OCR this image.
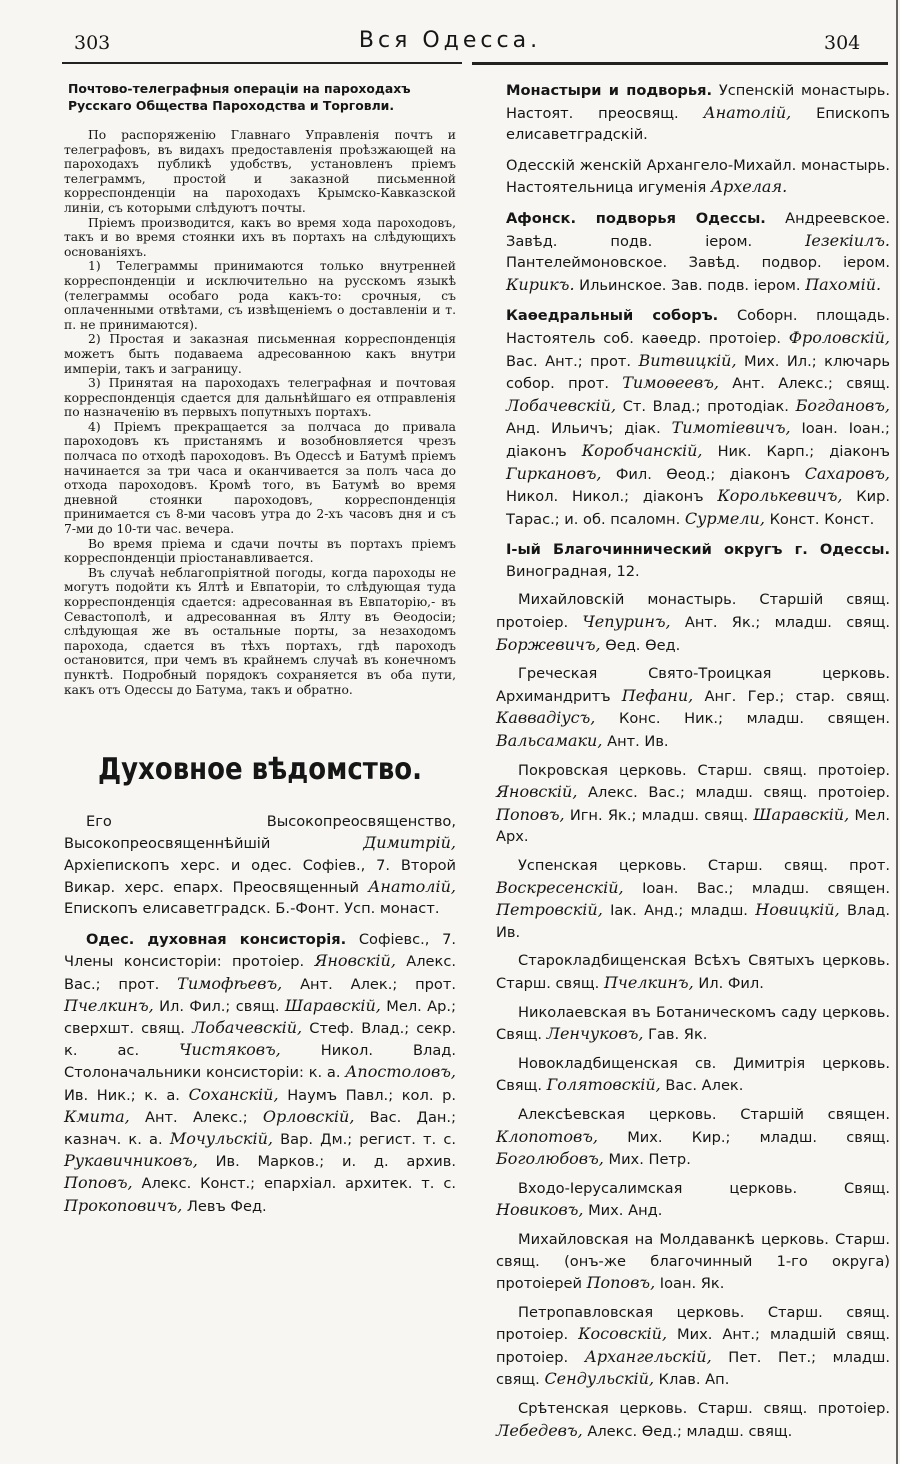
303	Вся Одесса.	304
Почтово-телеграфныя операціи на пароходахъ Русскаго Общества Пароходства и Торговли.

По распоряженію Главнаго Управленія почтъ и телеграфовъ, въ видахъ предоставленія проѣзжающей на пароходахъ публикѣ удобствъ, установленъ пріемъ телеграммъ, простой и заказной письменной корреспонденціи на пароходахъ Крымско-Кавказской линіи, съ которыми слѣдуютъ почты.

Пріемъ производится, какъ во время хода пароходовъ, такъ и во время стоянки ихъ въ портахъ на слѣдующихъ основаніяхъ.

1) Телеграммы принимаются только внутренней корреспонденціи и исключительно на русскомъ языкѣ (телеграммы особаго рода какъ-то: срочныя, съ оплаченными отвѣтами, съ извѣщеніемъ о доставленіи и т. п. не принимаются).

2) Простая и заказная письменная корреспонденція можетъ быть подаваема адресованною какъ внутри имперіи, такъ и заграницу.

3) Принятая на пароходахъ телеграфная и почтовая корреспонденція сдается для дальнѣйшаго ея отправленія по назначенію въ первыхъ попутныхъ портахъ.

4) Пріемъ прекращается за полчаса до привала пароходовъ къ пристанямъ и возобновляется чрезъ полчаса по отходѣ пароходовъ. Въ Одессѣ и Батумѣ пріемъ начинается за три часа и оканчивается за полъ часа до отхода пароходовъ. Кромѣ того, въ Батумѣ во время дневной стоянки пароходовъ, корреспонденція принимается съ 8-ми часовъ утра до 2-хъ часовъ дня и съ 7-ми до 10-ти час. вечера.

Во время пріема и сдачи почты въ портахъ пріемъ корреспонденціи пріостанавливается.

Въ случаѣ неблагопріятной погоды, когда пароходы не могутъ подойти къ Ялтѣ и Евпаторіи, то слѣдующая туда корреспонденція сдается: адресованная въ Евпаторію,- въ Севастополѣ, и адресованная въ Ялту въ Ѳеодосіи; слѣдующая же въ остальные порты, за незаходомъ парохода, сдается въ тѣхъ портахъ, гдѣ пароходъ остановится, при чемъ въ крайнемъ случаѣ въ конечномъ пунктѣ. Подробный порядокъ сохраняется въ оба пути, какъ отъ Одессы до Батума, такъ и обратно.

Духовное вѣдомство.

Его Высокопреосвященство, Высокопреосвященнѣйшій Димитрій, Архіепископъ херс. и одес. Софіев., 7. Второй Викар. херс. епарх. Преосвященный Анатолій, Епископъ елисаветградск. Б.-Фонт. Усп. монаст.

Одес. духовная консисторія. Софіевс., 7. Члены консисторіи: протоіер. Яновскій, Алекс. Вас.; прот. Тимофѣевъ, Ант. Алек.; прот. Пчелкинъ, Ил. Фил.; свящ. Шаравскій, Мел. Ар.; сверхшт. свящ. Лобачевскій, Стеф. Влад.; секр. к. ас. Чистяковъ, Никол. Влад. Столоначальники консисторіи: к. а. Апостоловъ, Ив. Ник.; к. а. Соханскій, Наумъ Павл.; кол. р. Кмита, Ант. Алекс.; Орловскій, Вас. Дан.; казнач. к. а. Мочульскій, Вар. Дм.; регист. т. с. Рукавичниковъ, Ив. Марков.; и. д. архив. Поповъ, Алекс. Конст.; епархіал. архитек. т. с. Прокоповичъ, Левъ Фед.

Монастыри и подворья. Успенскій монастырь. Настоят. преосвящ. Анатолій, Епископъ елисаветградскій.

Одесскій женскій Архангело-Михайл. монастырь. Настоятельница игуменія Архелая.

Афонск. подворья Одессы. Андреевское. Завѣд. подв. іером. Іезекіилъ. Пантелеймоновское. Завѣд. подвор. іером. Кирикъ. Ильинское. Зав. подв. іером. Пахомій.

Каѳедральный соборъ. Соборн. площадь. Настоятель соб. каѳедр. протоіер. Фроловскій, Вас. Ант.; прот. Витвицкій, Мих. Ил.; ключарь собор. прот. Тимоѳеевъ, Ант. Алекс.; свящ. Лобачевскій, Ст. Влад.; протодіак. Богдановъ, Анд. Ильичъ; діак. Тимотіевичъ, Іоан. Іоан.; діаконъ Коробчанскій, Ник. Карп.; діаконъ Гиркановъ, Фил. Ѳеод.; діаконъ Сахаровъ, Никол. Никол.; діаконъ Королькевичъ, Кир. Тарас.; и. об. псаломн. Сурмели, Конст. Конст.

І-ый Благочиннический округъ г. Одессы. Виноградная, 12.

Михайловскій монастырь. Старшій свящ. протоіер. Чепуринъ, Ант. Як.; младш. свящ. Боржевичъ, Ѳед. Ѳед.

Греческая Свято-Троицкая церковь. Архимандритъ Пефани, Анг. Гер.; стар. свящ. Каввадіусъ, Конс. Ник.; младш. священ. Вальсамаки, Ант. Ив.

Покровская церковь. Старш. свящ. протоіер. Яновскій, Алекс. Вас.; младш. свящ. протоіер. Поповъ, Игн. Як.; младш. свящ. Шаравскій, Мел. Арх.

Успенская церковь. Старш. свящ. прот. Воскресенскій, Іоан. Вас.; младш. священ. Петровскій, Іак. Анд.; младш. Новицкій, Влад. Ив.

Староклaдбищенская Всѣхъ Святыхъ церковь. Старш. свящ. Пчелкинъ, Ил. Фил.

Николаевская въ Ботаническомъ саду церковь. Свящ. Ленчуковъ, Гав. Як.

Новокладбищенская св. Димитрія церковь. Свящ. Голятовскій, Вас. Алек.

Алексѣевская церковь. Старшій священ. Клопотовъ, Мих. Кир.; младш. свящ. Боголюбовъ, Мих. Петр.

Входо-Іерусалимская церковь. Свящ. Новиковъ, Мих. Анд.

Михайловская на Молдаванкѣ церковь. Старш. свящ. (онъ-же благочинный 1-го округа) протоіерей Поповъ, Іоан. Як.

Петропавловская церковь. Старш. свящ. протоіер. Косовскій, Мих. Ант.; младшій свящ. протоіер. Архангельскій, Пет. Пет.; младш. свящ. Сендульскій, Клав. Ап.

Срѣтенская церковь. Старш. свящ. протоіер. Лебедевъ, Алекс. Ѳед.; младш. свящ.
